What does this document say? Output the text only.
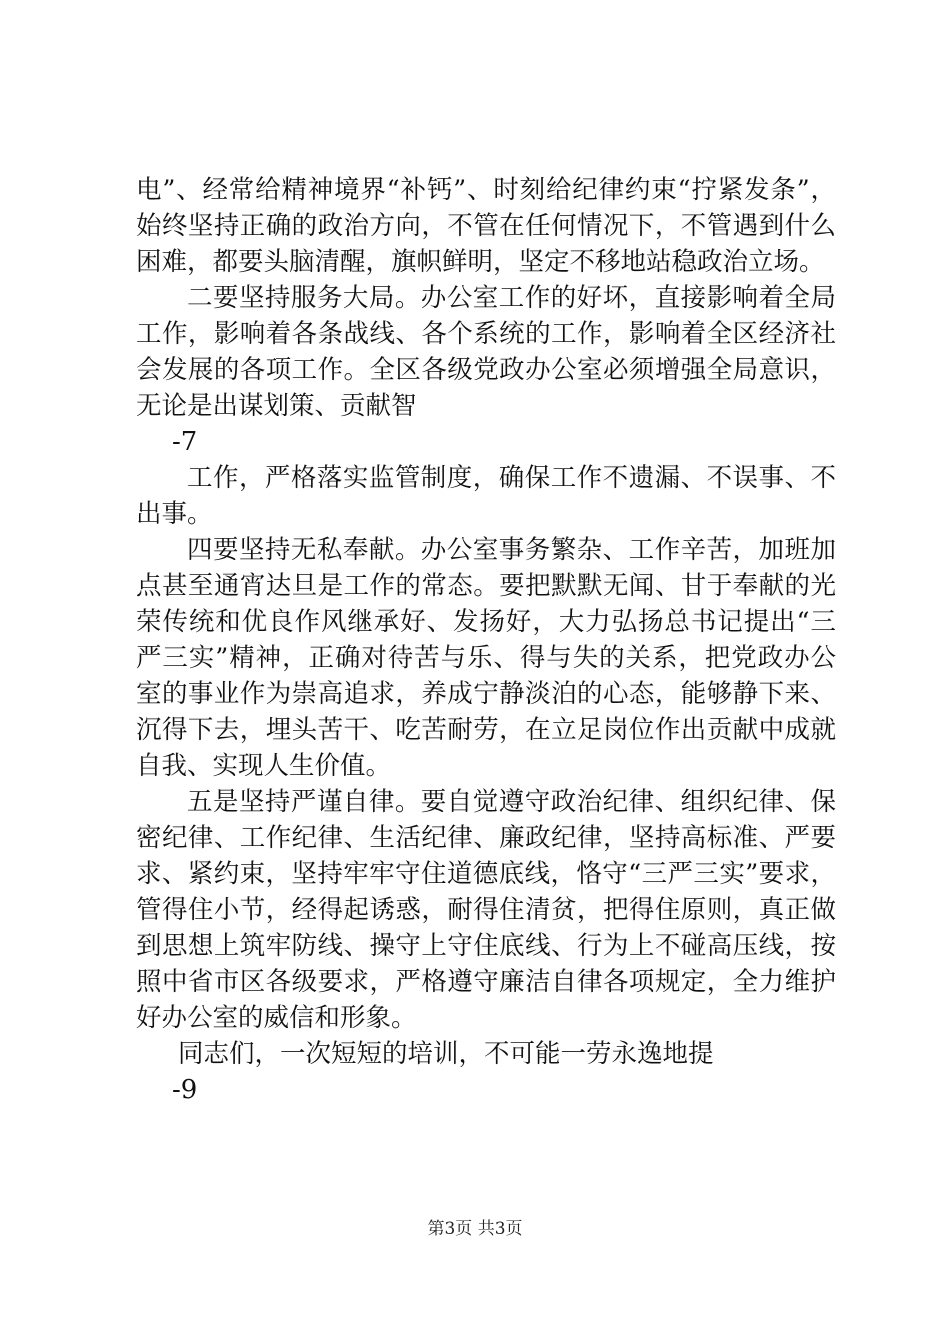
电”、经常给精神境界“补钙”、时刻给纪律约束“拧紧发条”，始终坚持正确的政治方向，不管在任何情况下，不管遇到什么困难，都要头脑清醒，旗帜鲜明，坚定不移地站稳政治立场。

二要坚持服务大局。办公室工作的好坏，直接影响着全局工作，影响着各条战线、各个系统的工作，影响着全区经济社会发展的各项工作。全区各级党政办公室必须增强全局意识，无论是出谋划策、贡献智

-7

工作，严格落实监管制度，确保工作不遗漏、不误事、不出事。

四要坚持无私奉献。办公室事务繁杂、工作辛苦，加班加点甚至通宵达旦是工作的常态。要把默默无闻、甘于奉献的光荣传统和优良作风继承好、发扬好，大力弘扬总书记提出“三严三实”精神，正确对待苦与乐、得与失的关系，把党政办公室的事业作为崇高追求，养成宁静淡泊的心态，能够静下来、沉得下去，埋头苦干、吃苦耐劳，在立足岗位作出贡献中成就自我、实现人生价值。

五是坚持严谨自律。要自觉遵守政治纪律、组织纪律、保密纪律、工作纪律、生活纪律、廉政纪律，坚持高标准、严要求、紧约束，坚持牢牢守住道德底线，恪守“三严三实”要求，管得住小节，经得起诱惑，耐得住清贫，把得住原则，真正做到思想上筑牢防线、操守上守住底线、行为上不碰高压线，按照中省市区各级要求，严格遵守廉洁自律各项规定，全力维护好办公室的威信和形象。

同志们，一次短短的培训，不可能一劳永逸地提

-9

第3页 共3页
